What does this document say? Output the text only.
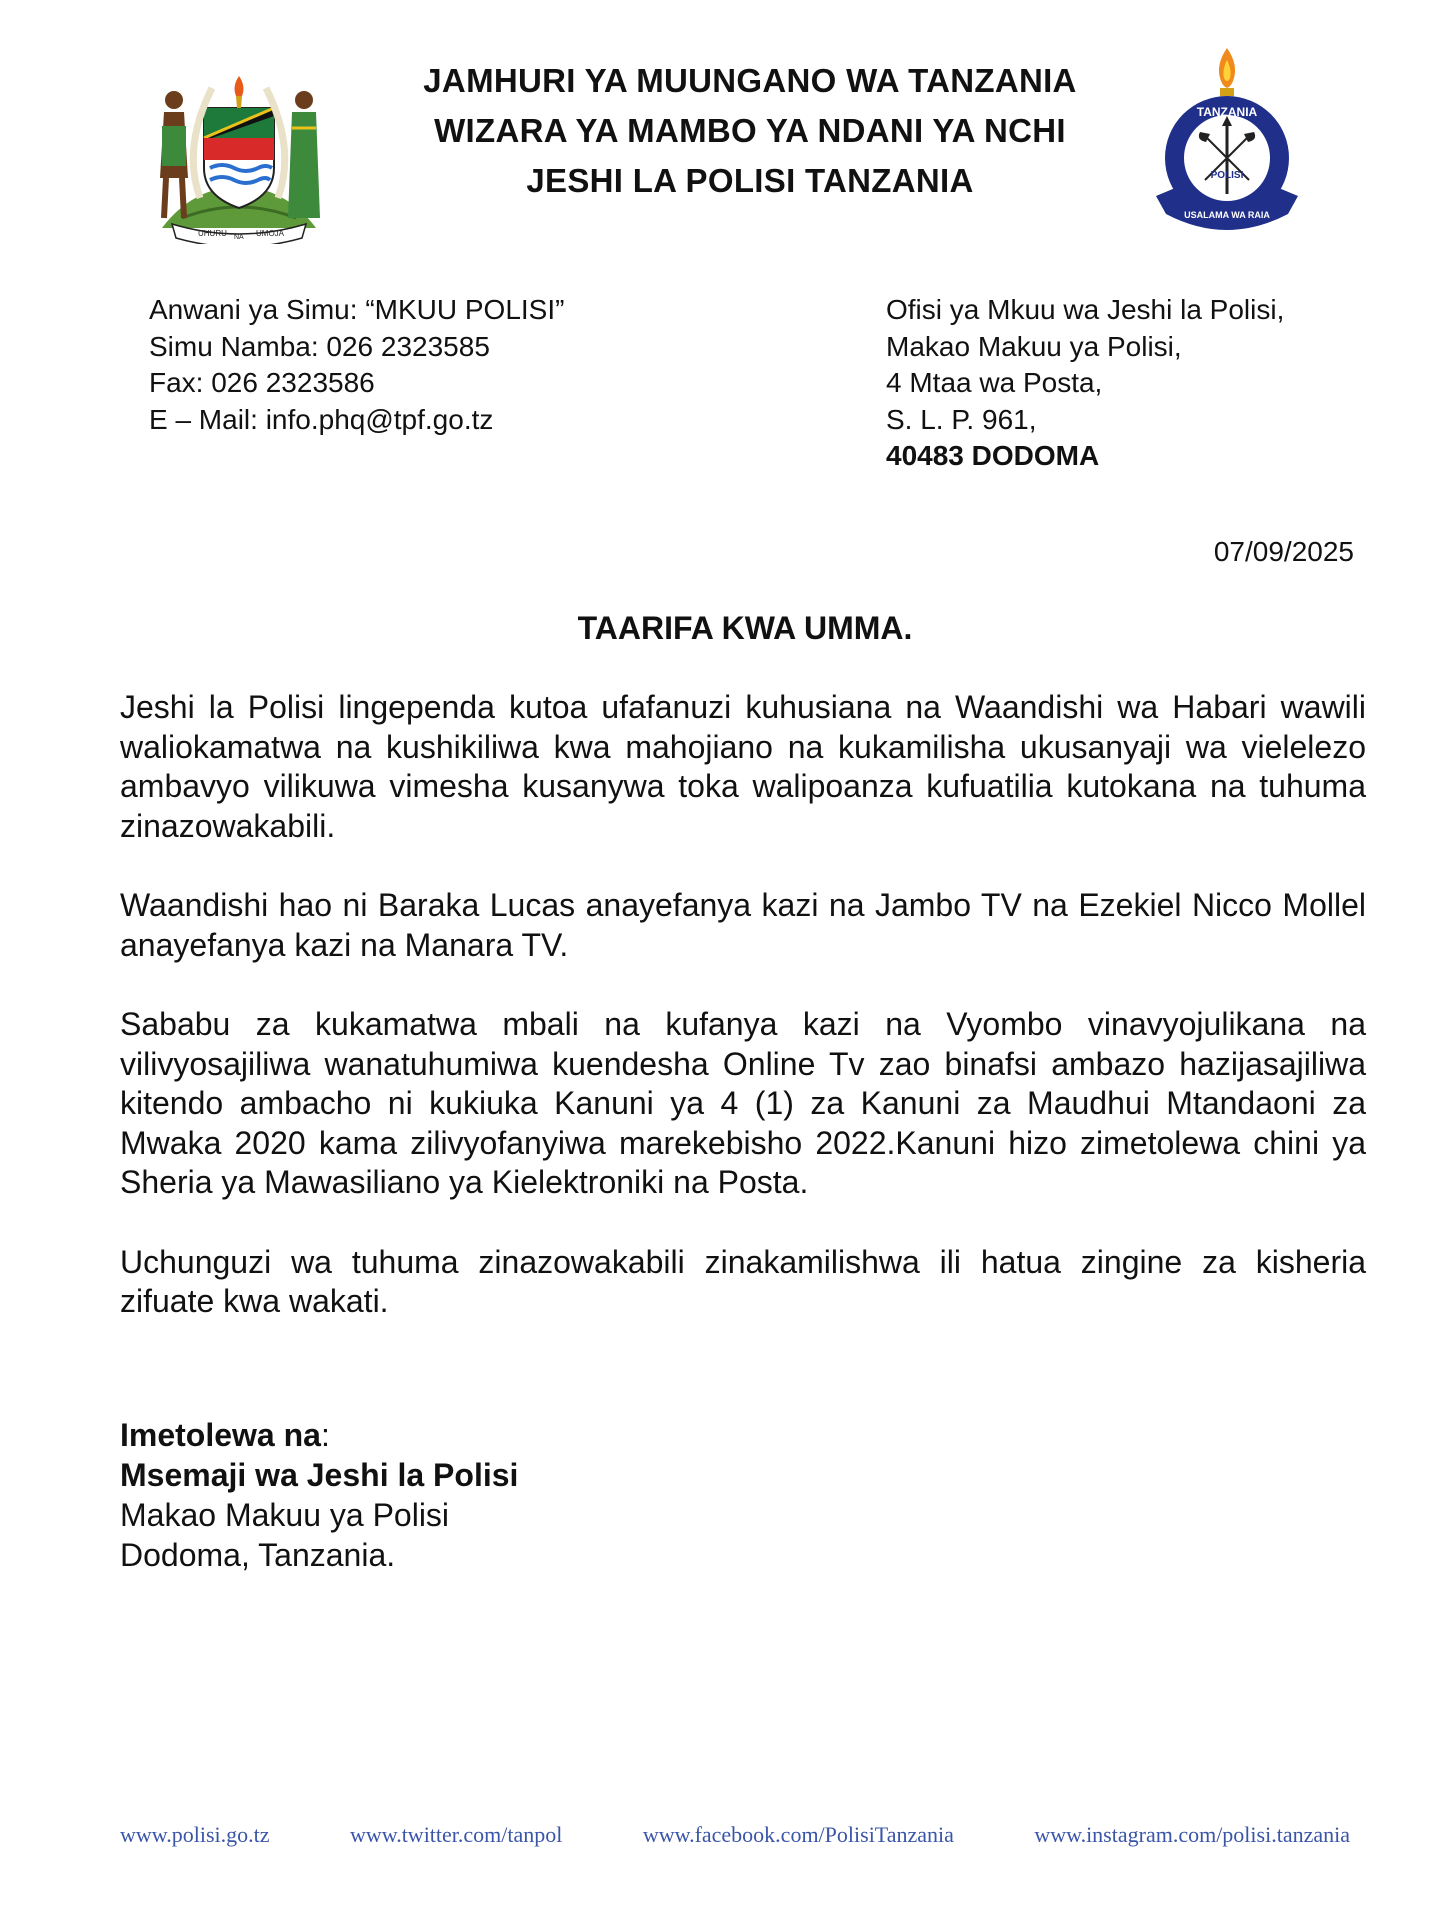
UHURU NA UMOJA
JAMHURI YA MUUNGANO WA TANZANIA
WIZARA YA MAMBO YA NDANI YA NCHI
JESHI LA POLISI TANZANIA
TANZANIA
POLISI
USALAMA WA RAIA
Anwani ya Simu: “MKUU POLISI”
Simu Namba: 026 2323585
Fax: 026 2323586
E – Mail: info.phq@tpf.go.tz
Ofisi ya Mkuu wa Jeshi la Polisi,
Makao Makuu ya Polisi,
4 Mtaa wa Posta,
S. L. P. 961,
40483 DODOMA
07/09/2025
TAARIFA KWA UMMA.

Jeshi la Polisi lingependa kutoa ufafanuzi kuhusiana na Waandishi wa Habari wawili waliokamatwa na kushikiliwa kwa mahojiano na kukamilisha ukusanyaji wa vielelezo ambavyo vilikuwa vimesha kusanywa toka walipoanza kufuatilia kutokana na tuhuma zinazowakabili.

Waandishi hao ni Baraka Lucas anayefanya kazi na Jambo TV na Ezekiel Nicco Mollel anayefanya kazi na Manara TV.

Sababu za kukamatwa mbali na kufanya kazi na Vyombo vinavyojulikana na vilivyosajiliwa wanatuhumiwa kuendesha Online Tv zao binafsi ambazo hazijasajiliwa kitendo ambacho ni kukiuka Kanuni ya 4 (1) za Kanuni za Maudhui Mtandaoni za Mwaka 2020 kama zilivyofanyiwa marekebisho 2022.Kanuni hizo zimetolewa chini ya Sheria ya Mawasiliano ya Kielektroniki na Posta.

Uchunguzi wa tuhuma zinazowakabili zinakamilishwa ili hatua zingine za kisheria zifuate kwa wakati.

Imetolewa na:
Msemaji wa Jeshi la Polisi
Makao Makuu ya Polisi
Dodoma, Tanzania.
www.polisi.go.tz	www.twitter.com/tanpol	www.facebook.com/PolisiTanzania	www.instagram.com/polisi.tanzania
